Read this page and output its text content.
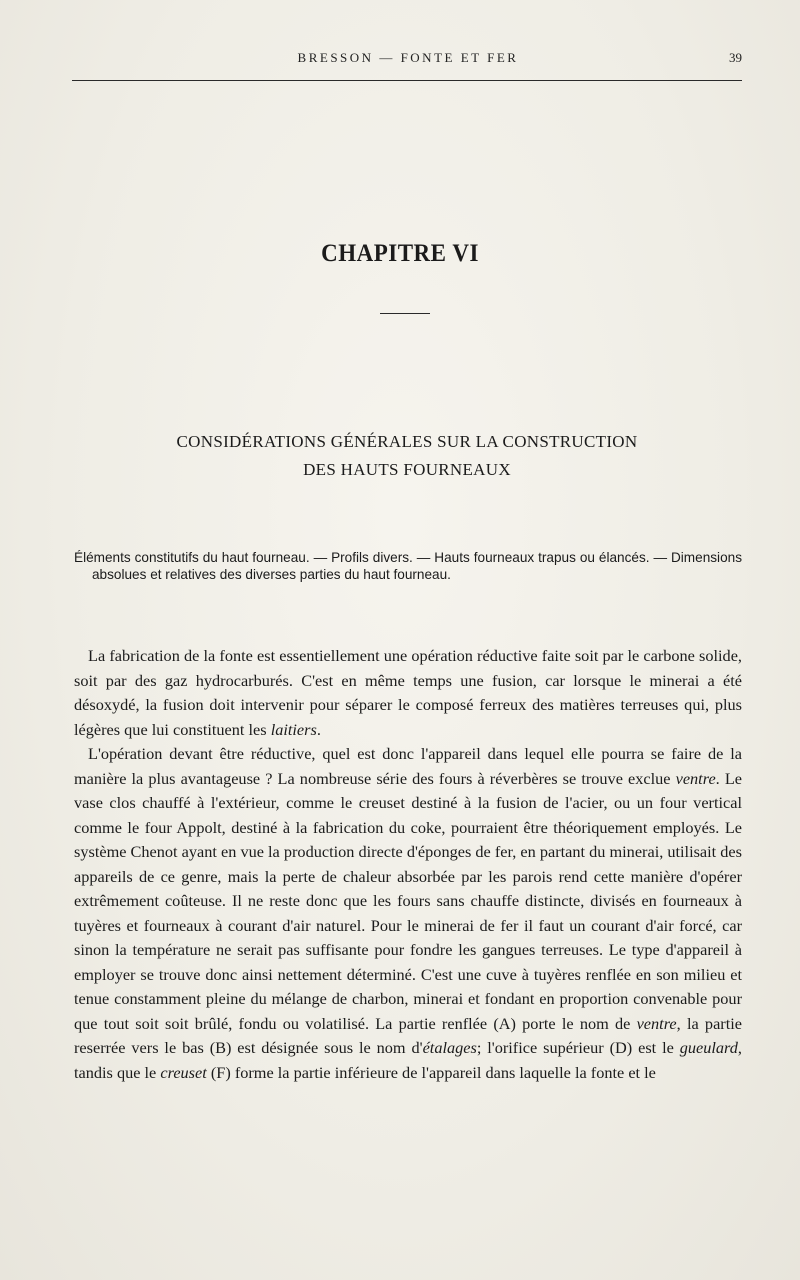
BRESSON — FONTE ET FER	39
CHAPITRE VI
CONSIDÉRATIONS GÉNÉRALES SUR LA CONSTRUCTION
DES HAUTS FOURNEAUX
Éléments constitutifs du haut fourneau. — Profils divers. — Hauts fourneaux trapus ou élancés. — Dimensions absolues et relatives des diverses parties du haut fourneau.

La fabrication de la fonte est essentiellement une opération réductive faite soit par le carbone solide, soit par des gaz hydrocarburés. C'est en même temps une fusion, car lorsque le minerai a été désoxydé, la fusion doit intervenir pour séparer le composé ferreux des matières terreuses qui, plus légères que lui constituent les laitiers.

L'opération devant être réductive, quel est donc l'appareil dans lequel elle pourra se faire de la manière la plus avantageuse ? La nombreuse série des fours à réverbères se trouve exclue ventre. Le vase clos chauffé à l'extérieur, comme le creuset destiné à la fusion de l'acier, ou un four vertical comme le four Appolt, destiné à la fabrication du coke, pourraient être théoriquement employés. Le système Chenot ayant en vue la production directe d'éponges de fer, en partant du minerai, utilisait des appareils de ce genre, mais la perte de chaleur absorbée par les parois rend cette manière d'opérer extrêmement coûteuse. Il ne reste donc que les fours sans chauffe distincte, divisés en fourneaux à tuyères et fourneaux à courant d'air naturel. Pour le minerai de fer il faut un courant d'air forcé, car sinon la température ne serait pas suffisante pour fondre les gangues terreuses. Le type d'appareil à employer se trouve donc ainsi nettement déterminé. C'est une cuve à tuyères renflée en son milieu et tenue constamment pleine du mélange de charbon, minerai et fondant en proportion convenable pour que tout soit soit brûlé, fondu ou volatilisé. La partie renflée (A) porte le nom de ventre, la partie reserrée vers le bas (B) est désignée sous le nom d'étalages; l'orifice supérieur (D) est le gueulard, tandis que le creuset (F) forme la partie inférieure de l'appareil dans laquelle la fonte et le
